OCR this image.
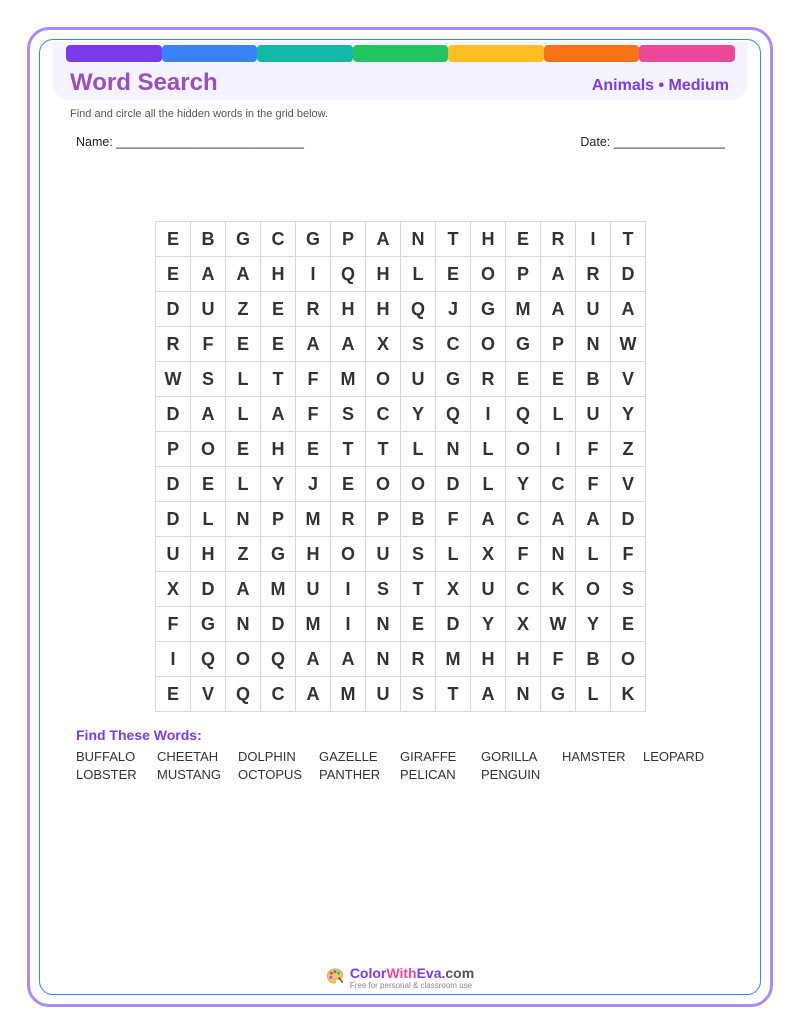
Word Search	Animals • Medium
Find and circle all the hidden words in the grid below.
Name: ___________________________	Date: ________________
E	B	G	C	G	P	A	N	T	H	E	R	I	T
E	A	A	H	I	Q	H	L	E	O	P	A	R	D
D	U	Z	E	R	H	H	Q	J	G	M	A	U	A
R	F	E	E	A	A	X	S	C	O	G	P	N	W
W	S	L	T	F	M	O	U	G	R	E	E	B	V
D	A	L	A	F	S	C	Y	Q	I	Q	L	U	Y
P	O	E	H	E	T	T	L	N	L	O	I	F	Z
D	E	L	Y	J	E	O	O	D	L	Y	C	F	V
D	L	N	P	M	R	P	B	F	A	C	A	A	D
U	H	Z	G	H	O	U	S	L	X	F	N	L	F
X	D	A	M	U	I	S	T	X	U	C	K	O	S
F	G	N	D	M	I	N	E	D	Y	X	W	Y	E
I	Q	O	Q	A	A	N	R	M	H	H	F	B	O
E	V	Q	C	A	M	U	S	T	A	N	G	L	K
Find These Words:
BUFFALO	CHEETAH	DOLPHIN	GAZELLE	GIRAFFE	GORILLA	HAMSTER	LEOPARD
LOBSTER	MUSTANG	OCTOPUS	PANTHER	PELICAN	PENGUIN
ColorWithEva.com
Free for personal & classroom use
